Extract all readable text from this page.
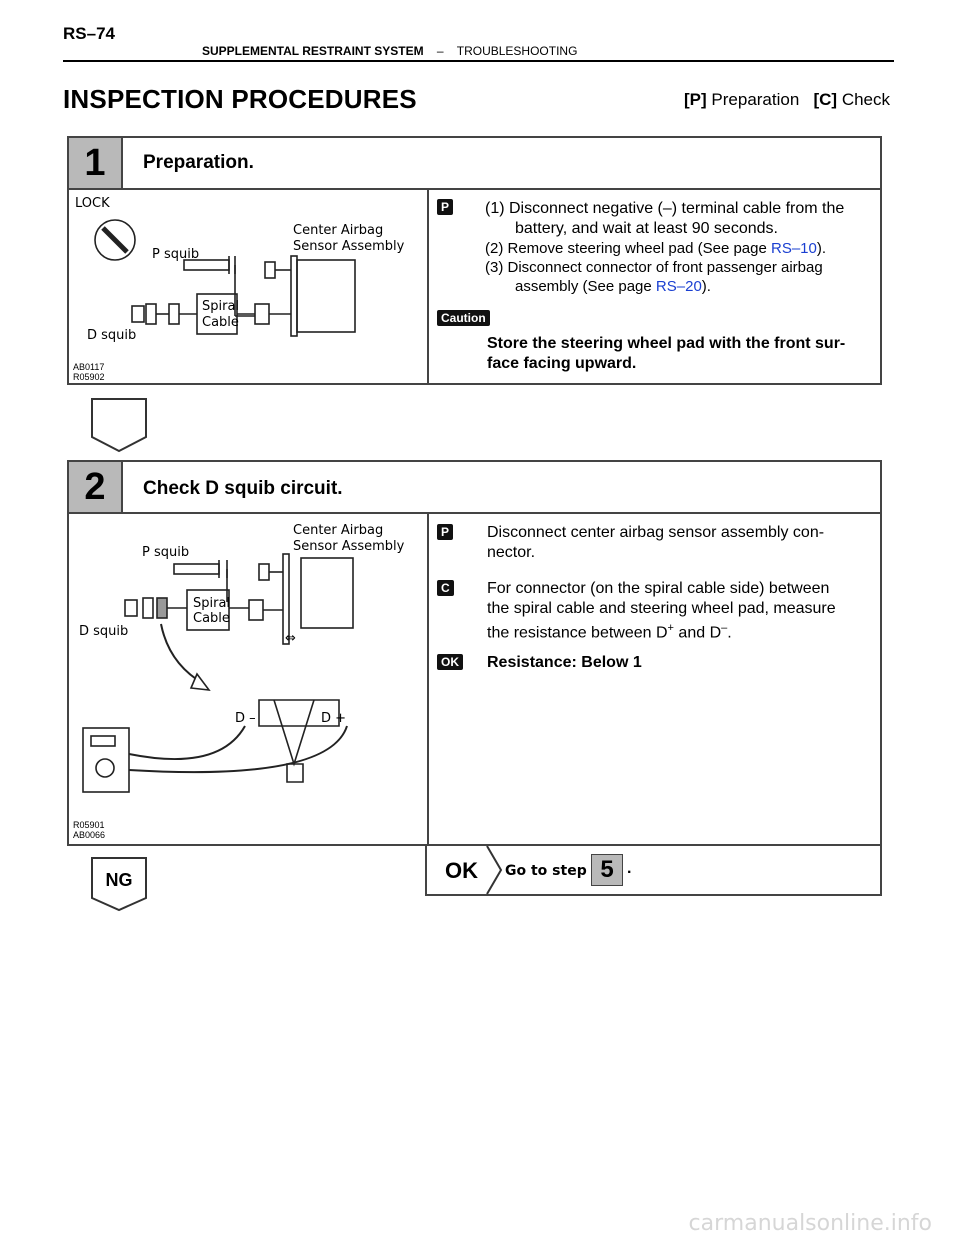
RS–74
SUPPLEMENTAL RESTRAINT SYSTEM – TROUBLESHOOTING
INSPECTION PROCEDURES	[P] Preparation [C] Check
1	Preparation.
LOCK
Center Airbag
Sensor Assembly
P squib
D squib
Spiral
Cable
AB0117
R05902
P (1) Disconnect negative (–) terminal cable from the
battery, and wait at least 90 seconds.
(2) Remove steering wheel pad (See page RS–10).
(3) Disconnect connector of front passenger airbag
assembly (See page RS–20).
Caution
Store the steering wheel pad with the front sur-
face facing upward.
2	Check D squib circuit.
Center Airbag
Sensor Assembly
P squib
D squib
Spiral
Cable
D –	D +
⇔
R05901
AB0066
P Disconnect center airbag sensor assembly con-
nector.
C For connector (on the spiral cable side) between
the spiral cable and steering wheel pad, measure
the resistance between D+ and D–.
OK Resistance: Below 1
NG	OK Go to step 5 .
carmanualsonline.info
